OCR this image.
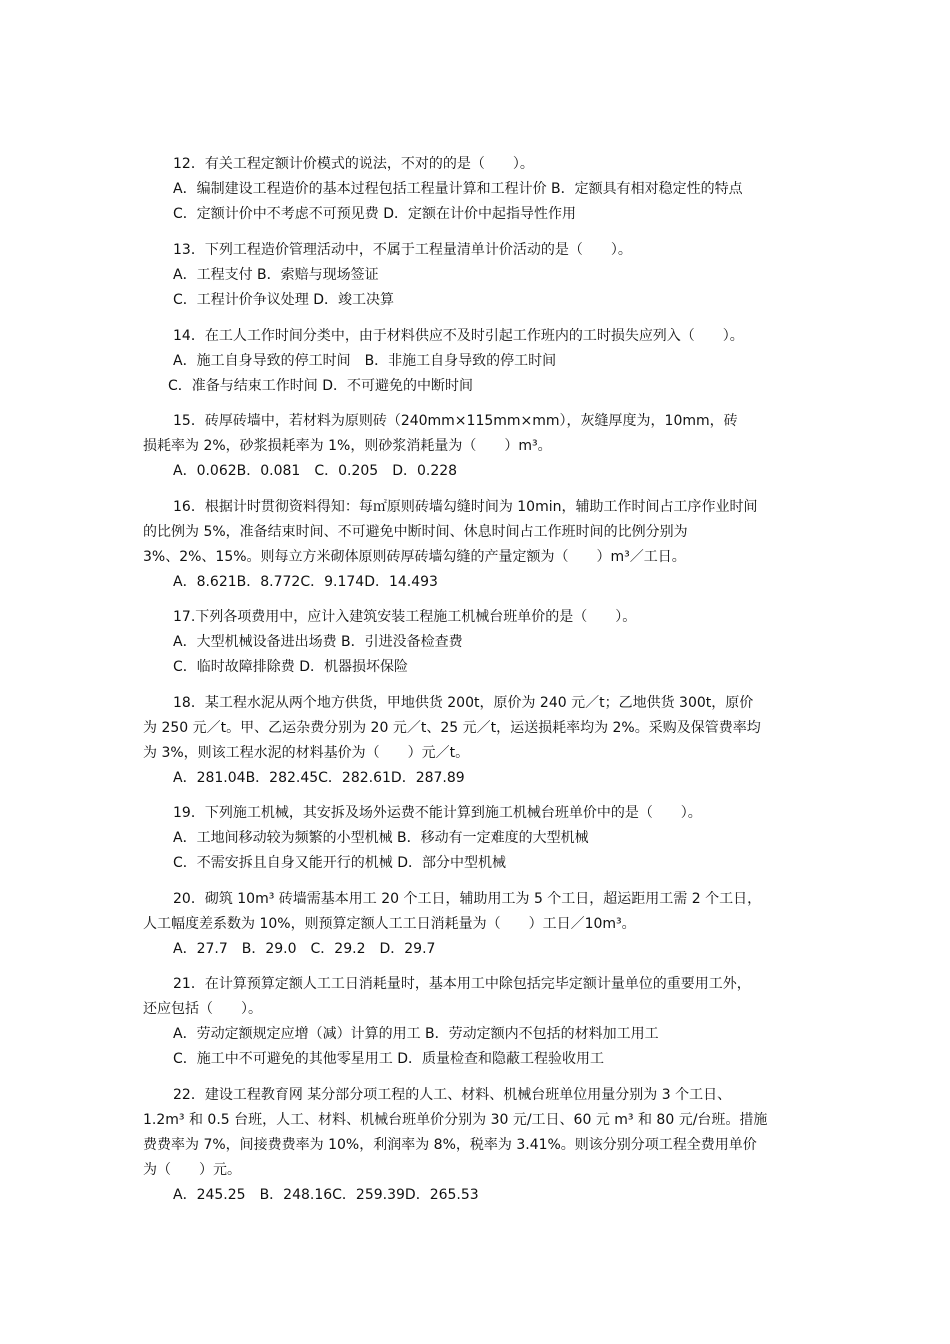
12．有关工程定额计价模式的说法，不对的的是（　　）。
A．编制建设工程造价的基本过程包括工程量计算和工程计价 B．定额具有相对稳定性的特点
C．定额计价中不考虑不可预见费 D．定额在计价中起指导性作用
13．下列工程造价管理活动中，不属于工程量清单计价活动的是（　　）。
A．工程支付 B．索赔与现场签证
C．工程计价争议处理 D．竣工决算
14．在工人工作时间分类中，由于材料供应不及时引起工作班内的工时损失应列入（　　）。
A．施工自身导致的停工时间　B．非施工自身导致的停工时间
C．准备与结束工作时间 D．不可避免的中断时间
15．砖厚砖墙中，若材料为原则砖（240mm×115mm×mm），灰缝厚度为，10mm，砖
损耗率为 2%，砂浆损耗率为 1%，则砂浆消耗量为（　　）m³。
A．0.062B．0.081　C．0.205　D．0.228
16．根据计时贯彻资料得知：每㎡原则砖墙勾缝时间为 10min，辅助工作时间占工序作业时间
的比例为 5%，准备结束时间、不可避免中断时间、休息时间占工作班时间的比例分别为
3%、2%、15%。则每立方米砌体原则砖厚砖墙勾缝的产量定额为（　　）m³／工日。
A．8.621B．8.772C．9.174D．14.493
17.下列各项费用中，应计入建筑安装工程施工机械台班单价的是（　　）。
A．大型机械设备进出场费 B．引进没备检查费
C．临时故障排除费 D．机器损坏保险
18．某工程水泥从两个地方供货，甲地供货 200t，原价为 240 元／t；乙地供货 300t，原价
为 250 元／t。甲、乙运杂费分别为 20 元／t、25 元／t，运送损耗率均为 2%。采购及保管费率均
为 3%，则该工程水泥的材料基价为（　　）元／t。
A．281.04B．282.45C．282.61D．287.89
19．下列施工机械，其安拆及场外运费不能计算到施工机械台班单价中的是（　　）。
A．工地间移动较为频繁的小型机械 B．移动有一定难度的大型机械
C．不需安拆且自身又能开行的机械 D．部分中型机械
20．砌筑 10m³ 砖墙需基本用工 20 个工日，辅助用工为 5 个工日，超运距用工需 2 个工日，
人工幅度差系数为 10%，则预算定额人工工日消耗量为（　　）工日／10m³。
A．27.7　B．29.0　C．29.2　D．29.7
21．在计算预算定额人工工日消耗量时，基本用工中除包括完毕定额计量单位的重要用工外，
还应包括（　　）。
A．劳动定额规定应增（减）计算的用工 B．劳动定额内不包括的材料加工用工
C．施工中不可避免的其他零星用工 D．质量检查和隐蔽工程验收用工
22．建设工程教育网 某分部分项工程的人工、材料、机械台班单位用量分别为 3 个工日、
1.2m³ 和 0.5 台班，人工、材料、机械台班单价分别为 30 元/工日、60 元 m³ 和 80 元/台班。措施
费费率为 7%，间接费费率为 10%，利润率为 8%，税率为 3.41%。则该分别分项工程全费用单价
为（　　）元。
A．245.25　B．248.16C．259.39D．265.53
